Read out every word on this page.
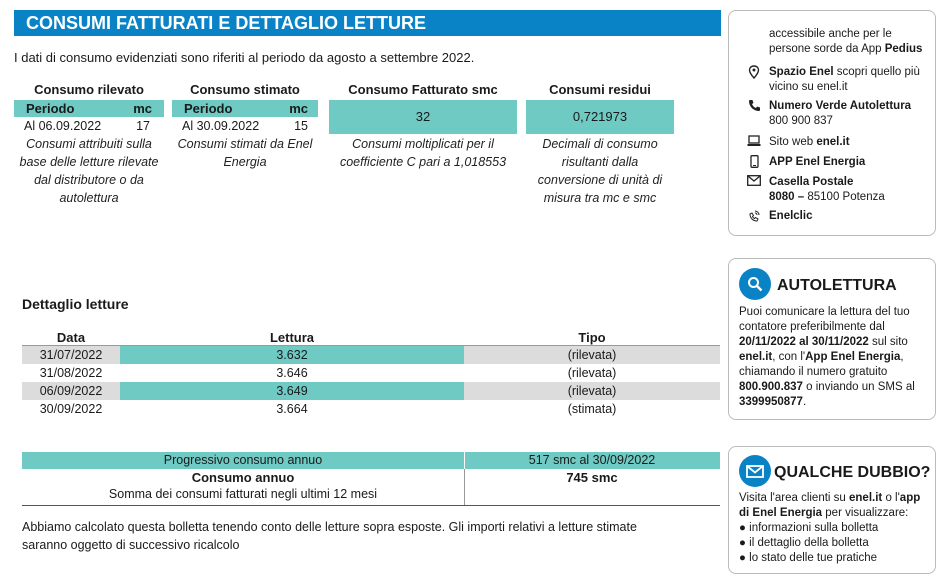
CONSUMI FATTURATI E DETTAGLIO LETTURE
I dati di consumo evidenziati sono riferiti al periodo da agosto a settembre 2022.
Consumo rilevato
Periodo	mc
Al 06.09.2022	17
Consumi attribuiti sulla
base delle letture rilevate
dal distributore o da
autolettura
Consumo stimato
Periodo	mc
Al 30.09.2022	15
Consumi stimati da Enel
Energia
Consumo Fatturato smc
32
Consumi moltiplicati per il
coefficiente C pari a 1,018553
Consumi residui
0,721973
Decimali di consumo
risultanti dalla
conversione di unità di
misura tra mc e smc
Dettaglio letture
Data	Lettura	Tipo
31/07/2022	3.632	(rilevata)
31/08/2022	3.646	(rilevata)
06/09/2022	3.649	(rilevata)
30/09/2022	3.664	(stimata)
Progressivo consumo annuo	517 smc al 30/09/2022
Consumo annuo
Somma dei consumi fatturati negli ultimi 12 mesi
745 smc
Abbiamo calcolato questa bolletta tenendo conto delle letture sopra esposte. Gli importi relativi a letture stimate
saranno oggetto di successivo ricalcolo
accessibile anche per le
persone sorde da App Pedius
Spazio Enel scopri quello più
vicino su enel.it
Numero Verde Autolettura
800 900 837
Sito web enel.it
APP Enel Energia
Casella Postale
8080 – 85100 Potenza
Enelclic
AUTOLETTURA
Puoi comunicare la lettura del tuo
contatore preferibilmente dal
20/11/2022 al 30/11/2022 sul sito
enel.it, con l'App Enel Energia,
chiamando il numero gratuito
800.900.837 o inviando un SMS al
3399950877.
QUALCHE DUBBIO?
Visita l'area clienti su enel.it o l'app
di Enel Energia per visualizzare:
● informazioni sulla bolletta
● il dettaglio della bolletta
● lo stato delle tue pratiche
